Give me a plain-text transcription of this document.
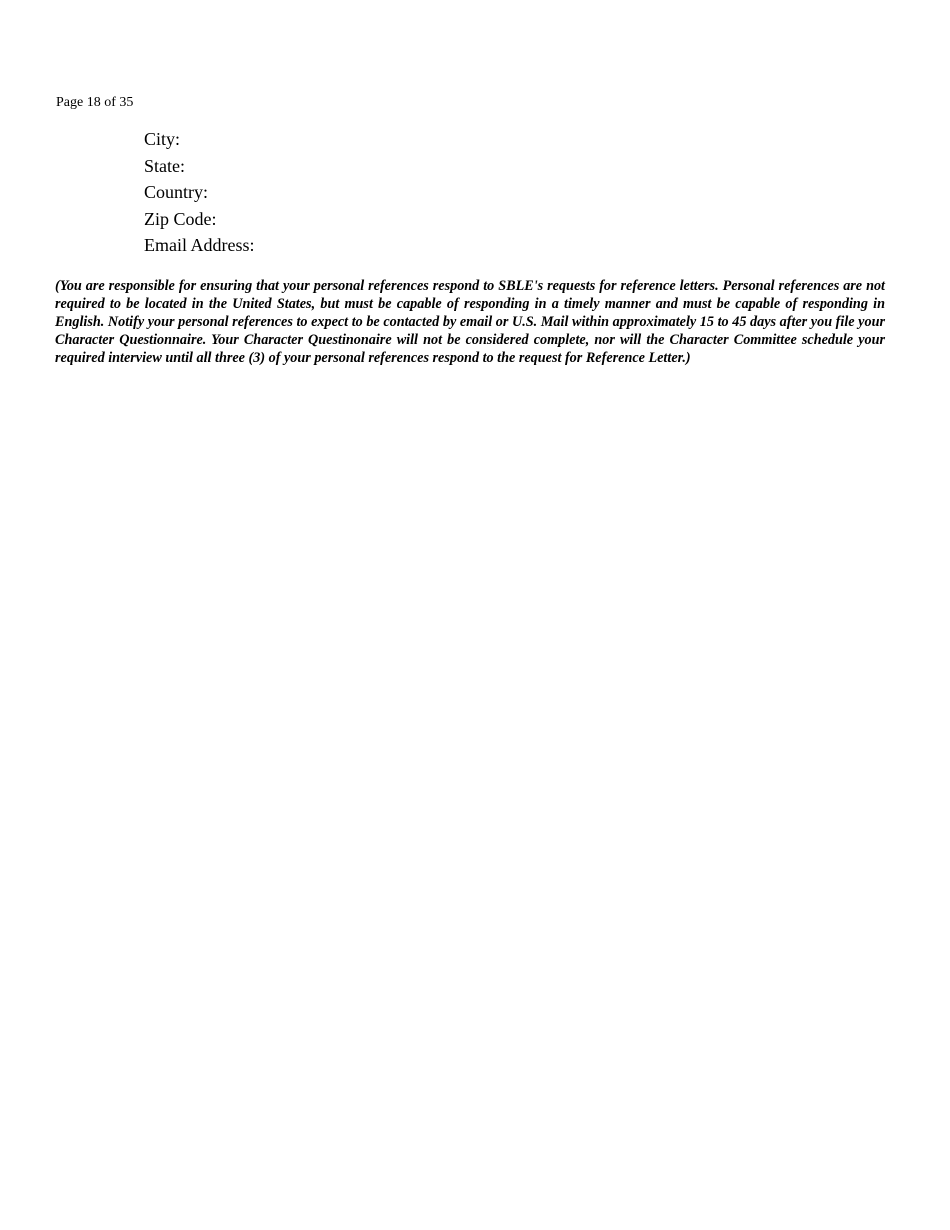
Page 18 of 35
City:
State:
Country:
Zip Code:
Email Address:

(You are responsible for ensuring that your personal references respond to SBLE's requests for reference letters. Personal references are not required to be located in the United States, but must be capable of responding in a timely manner and must be capable of responding in English. Notify your personal references to expect to be contacted by email or U.S. Mail within approximately 15 to 45 days after you file your Character Questionnaire. Your Character Questinonaire will not be considered complete, nor will the Character Committee schedule your required interview until all three (3) of your personal references respond to the request for Reference Letter.)
